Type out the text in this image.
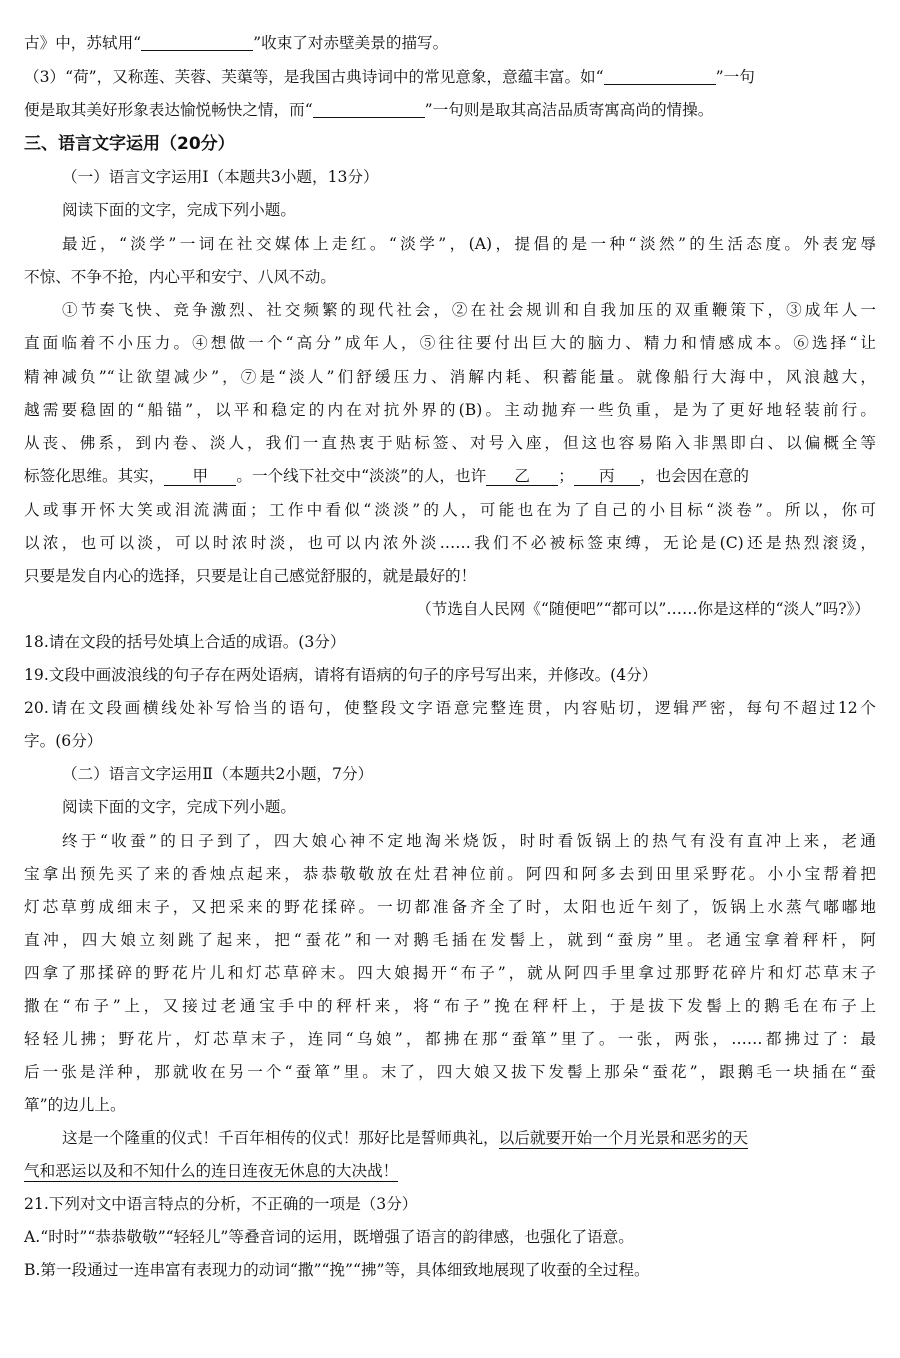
古》中，苏轼用“	”收束了对赤壁美景的描写。
（3）“荷”，又称莲、芙蓉、芙蕖等，是我国古典诗词中的常见意象，意蕴丰富。如“	”一句
便是取其美好形象表达愉悦畅快之情，而“	”一句则是取其高洁品质寄寓高尚的情操。
三、语言文字运用（20分）
（一）语言文字运用Ⅰ（本题共3小题，13分）
阅读下面的文字，完成下列小题。
最近，“淡学”一词在社交媒体上走红。“淡学”，(A)，提倡的是一种“淡然”的生活态度。外表宠辱
不惊、不争不抢，内心平和安宁、八风不动。
①节奏飞快、竞争激烈、社交频繁的现代社会，②在社会规训和自我加压的双重鞭策下，③成年人一
直面临着不小压力。④想做一个“高分”成年人，⑤往往要付出巨大的脑力、精力和情感成本。⑥选择“让
精神减负”“让欲望减少”，⑦是“淡人”们舒缓压力、消解内耗、积蓄能量。就像船行大海中，风浪越大，
越需要稳固的“船锚”，以平和稳定的内在对抗外界的(B)。主动抛弃一些负重，是为了更好地轻装前行。
从丧、佛系，到内卷、淡人，我们一直热衷于贴标签、对号入座，但这也容易陷入非黑即白、以偏概全等
标签化思维。其实， 甲 。一个线下社交中“淡淡”的人，也许 乙 ； 丙 ，也会因在意的
人或事开怀大笑或泪流满面；工作中看似“淡淡”的人，可能也在为了自己的小目标“淡卷”。所以，你可
以浓，也可以淡，可以时浓时淡，也可以内浓外淡……我们不必被标签束缚，无论是(C)还是热烈滚烫，
只要是发自内心的选择，只要是让自己感觉舒服的，就是最好的！
（节选自人民网《“随便吧”“都可以”……你是这样的“淡人”吗?》）
18.请在文段的括号处填上合适的成语。(3分）
19.文段中画波浪线的句子存在两处语病，请将有语病的句子的序号写出来，并修改。(4分）
20.请在文段画横线处补写恰当的语句，使整段文字语意完整连贯，内容贴切，逻辑严密，每句不超过12个
字。(6分）
（二）语言文字运用Ⅱ（本题共2小题，7分）
阅读下面的文字，完成下列小题。
终于“收蚕”的日子到了，四大娘心神不定地淘米烧饭，时时看饭锅上的热气有没有直冲上来，老通
宝拿出预先买了来的香烛点起来，恭恭敬敬放在灶君神位前。阿四和阿多去到田里采野花。小小宝帮着把
灯芯草剪成细末子，又把采来的野花揉碎。一切都准备齐全了时，太阳也近午刻了，饭锅上水蒸气嘟嘟地
直冲，四大娘立刻跳了起来，把“蚕花”和一对鹅毛插在发髻上，就到“蚕房”里。老通宝拿着秤杆，阿
四拿了那揉碎的野花片儿和灯芯草碎末。四大娘揭开“布子”，就从阿四手里拿过那野花碎片和灯芯草末子
撒在“布子”上，又接过老通宝手中的秤杆来，将“布子”挽在秤杆上，于是拔下发髻上的鹅毛在布子上
轻轻儿拂；野花片，灯芯草末子，连同“乌娘”，都拂在那“蚕箪”里了。一张，两张，……都拂过了：最
后一张是洋种，那就收在另一个“蚕箪”里。末了，四大娘又拔下发髻上那朵“蚕花”，跟鹅毛一块插在“蚕
箪”的边儿上。
这是一个隆重的仪式！千百年相传的仪式！那好比是誓师典礼，以后就要开始一个月光景和恶劣的天
气和恶运以及和不知什么的连日连夜无休息的大决战！
21.下列对文中语言特点的分析，不正确的一项是（3分）
A.“时时”“恭恭敬敬”“轻轻儿”等叠音词的运用，既增强了语言的韵律感，也强化了语意。
B.第一段通过一连串富有表现力的动词“撒”“挽”“拂”等，具体细致地展现了收蚕的全过程。
